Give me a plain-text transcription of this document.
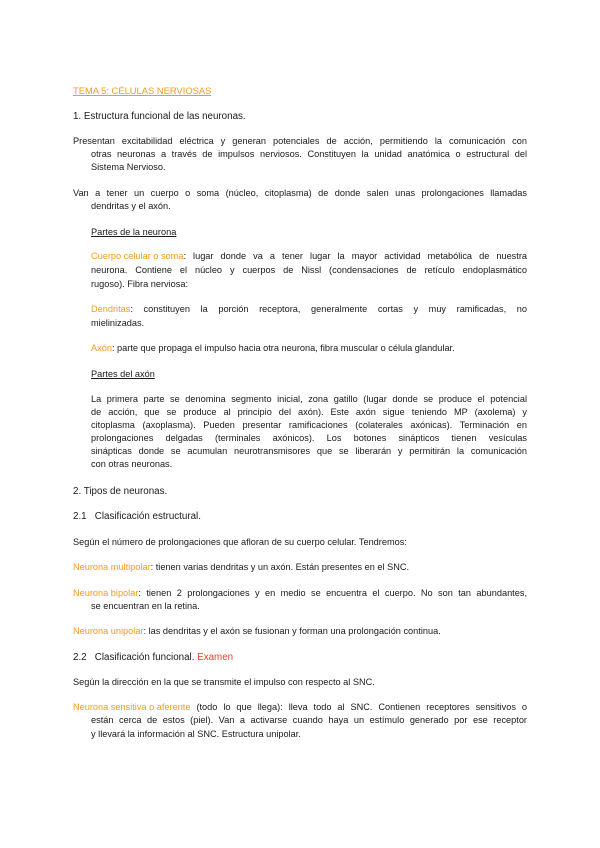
TEMA 5: CÉLULAS NERVIOSAS
1. Estructura funcional de las neuronas.
Presentan excitabilidad eléctrica y generan potenciales de acción, permitiendo la comunicación con
otras neuronas a través de impulsos nerviosos. Constituyen la unidad anatómica o estructural del
Sistema Nervioso.
Van a tener un cuerpo o soma (núcleo, citoplasma) de donde salen unas prolongaciones llamadas
dendritas y el axón.
Partes de la neurona
Cuerpo celular o soma : lugar donde va a tener lugar la mayor actividad metabólica de nuestra
neurona. Contiene el núcleo y cuerpos de Nissl (condensaciones de retículo endoplasmático
rugoso). Fibra nerviosa:
Dendritas : constituyen la porción receptora, generalmente cortas y muy ramificadas, no
mielinizadas.
Axón: parte que propaga el impulso hacia otra neurona, fibra muscular o célula glandular.
Partes del axón
La primera parte se denomina segmento inicial, zona gatillo (lugar donde se produce el potencial
de acción, que se produce al principio del axón). Este axón sigue teniendo MP (axolema) y
citoplasma (axoplasma). Pueden presentar ramificaciones (colaterales axónicas). Terminación en
prolongaciones delgadas (terminales axónicos). Los botones sinápticos tienen vesículas
sinápticas donde se acumulan neurotransmisores que se liberarán y permitirán la comunicación
con otras neuronas.
2. Tipos de neuronas.
2.1   Clasificación estructural.
Según el número de prolongaciones que afloran de su cuerpo celular. Tendremos:
Neurona multipolar: tienen varias dendritas y un axón. Están presentes en el SNC.
Neurona bipolar : tienen 2 prolongaciones y en medio se encuentra el cuerpo. No son tan abundantes,
se encuentran en la retina.
Neurona unipolar: las dendritas y el axón se fusionan y forman una prolongación continua.
2.2   Clasificación funcional. Examen
Según la dirección en la que se transmite el impulso con respecto al SNC.
Neurona sensitiva o aferente (todo lo que llega): lleva todo al SNC. Contienen receptores sensitivos o
están cerca de estos (piel). Van a activarse cuando haya un estímulo generado por ese receptor
y llevará la información al SNC. Estructura unipolar.
